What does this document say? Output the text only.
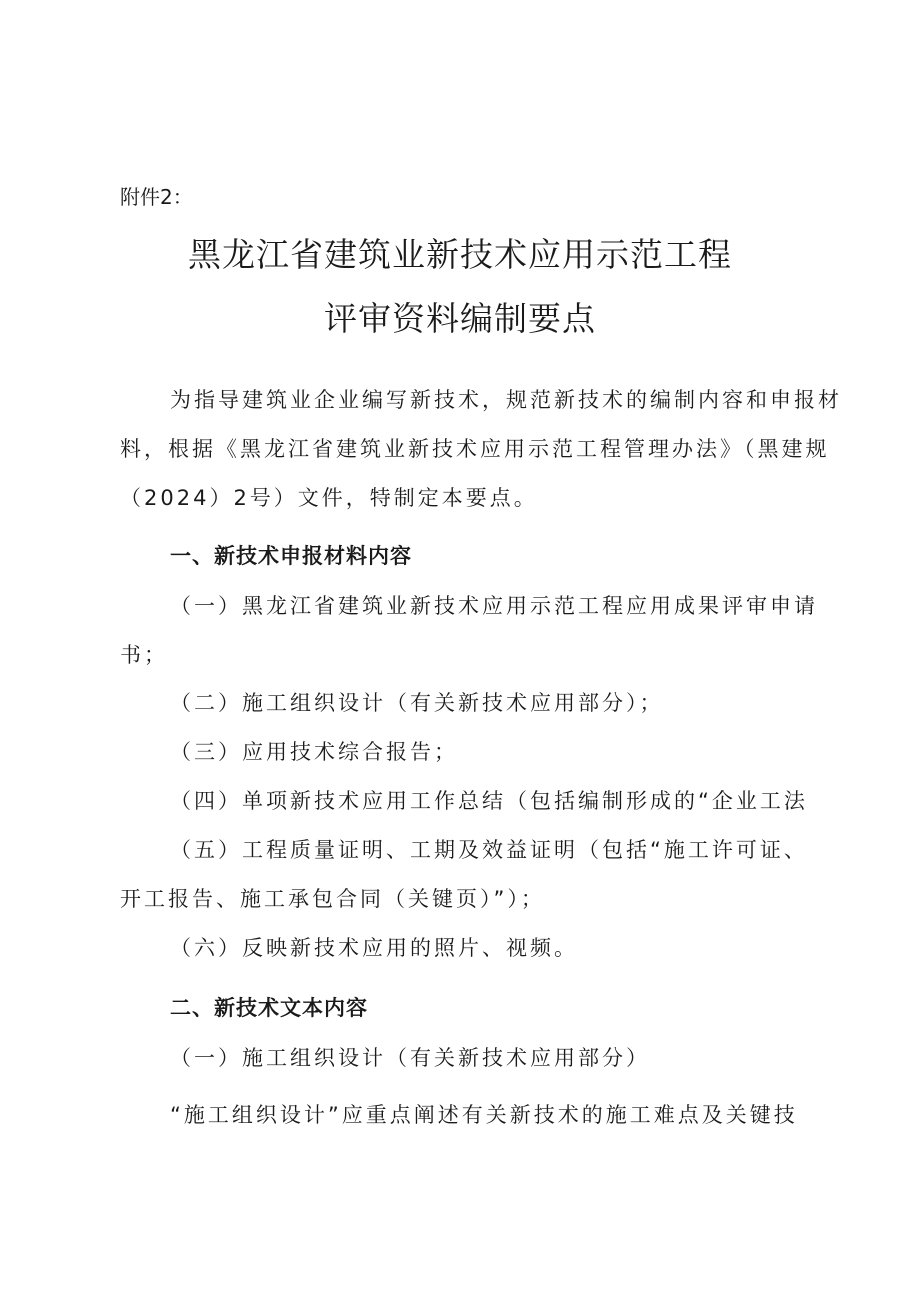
附件2：
黑龙江省建筑业新技术应用示范工程
评审资料编制要点
为指导建筑业企业编写新技术，规范新技术的编制内容和申报材
料，根据《黑龙江省建筑业新技术应用示范工程管理办法》（黑建规
（2024）2号）文件，特制定本要点。
一、新技术申报材料内容
（一）黑龙江省建筑业新技术应用示范工程应用成果评审申请
书；
（二）施工组织设计（有关新技术应用部分）；
（三）应用技术综合报告；
（四）单项新技术应用工作总结（包括编制形成的“企业工法
（五）工程质量证明、工期及效益证明（包括“施工许可证、
开工报告、施工承包合同（关键页）”）；
（六）反映新技术应用的照片、视频。
二、新技术文本内容
（一）施工组织设计（有关新技术应用部分）
“施工组织设计”应重点阐述有关新技术的施工难点及关键技
